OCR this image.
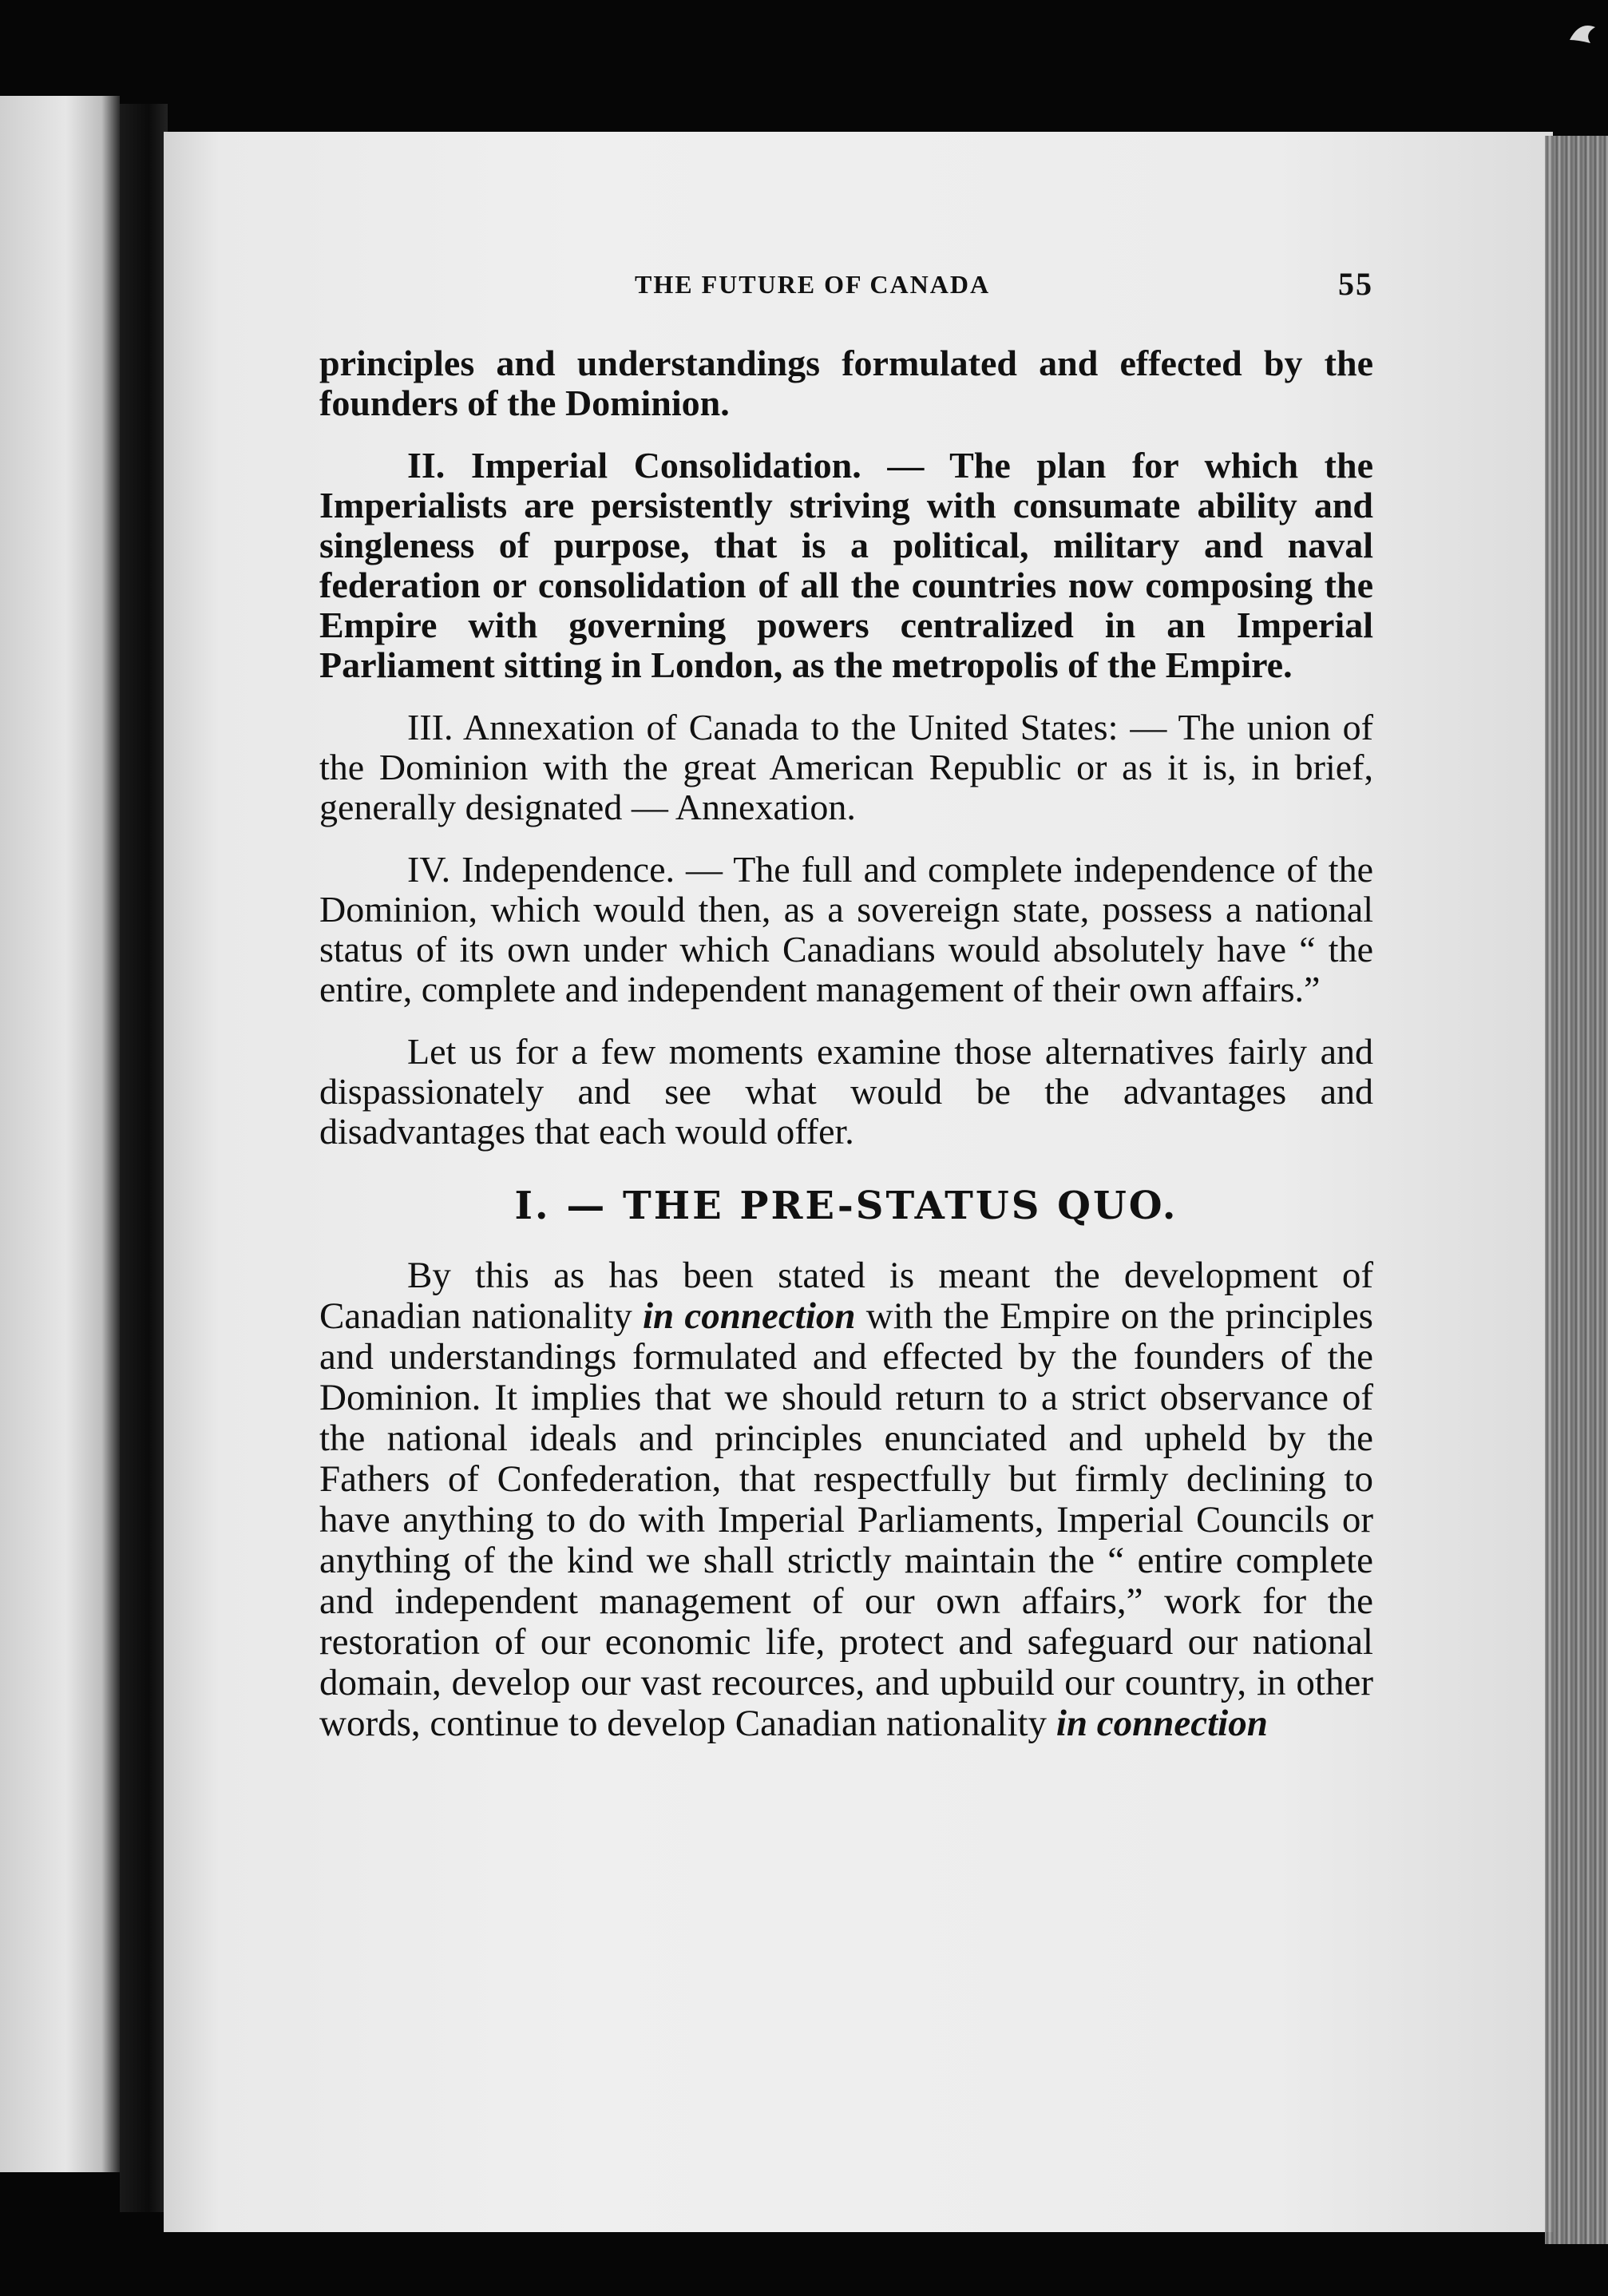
THE FUTURE OF CANADA	55

principles and understandings formulated and effected by the founders of the Dominion.

II. Imperial Consolidation. — The plan for which the Imperialists are persistently striving with consumate ability and singleness of purpose, that is a political, military and naval federation or consolidation of all the countries now composing the Empire with governing powers centralized in an Imperial Parliament sitting in London, as the metropolis of the Empire.

III. Annexation of Canada to the United States: — The union of the Dominion with the great American Republic or as it is, in brief, generally designated — Annexation.

IV. Independence. — The full and complete independence of the Dominion, which would then, as a sovereign state, possess a national status of its own under which Canadians would absolutely have “ the entire, complete and independent management of their own affairs.”

Let us for a few moments examine those alternatives fairly and dispassionately and see what would be the advantages and disadvantages that each would offer.

I. — THE PRE-STATUS QUO.

By this as has been stated is meant the development of Canadian nationality in connection with the Empire on the principles and understandings formulated and effected by the founders of the Dominion. It implies that we should return to a strict observance of the national ideals and principles enunciated and upheld by the Fathers of Confederation, that respectfully but firmly declining to have anything to do with Imperial Parliaments, Imperial Councils or anything of the kind we shall strictly maintain the “ entire complete and independent management of our own affairs,” work for the restoration of our economic life, protect and safeguard our national domain, develop our vast recources, and upbuild our country, in other words, continue to develop Canadian nationality in connection
